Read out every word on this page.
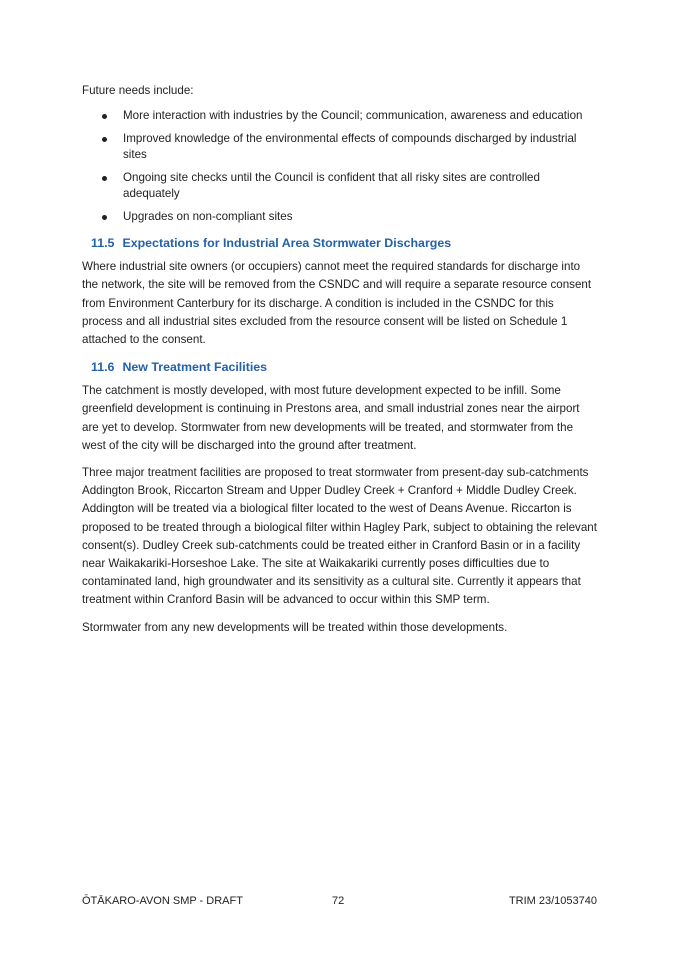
Future needs include:

More interaction with industries by the Council; communication, awareness and education
Improved knowledge of the environmental effects of compounds discharged by industrial sites
Ongoing site checks until the Council is confident that all risky sites are controlled adequately
Upgrades on non-compliant sites
11.5 Expectations for Industrial Area Stormwater Discharges

Where industrial site owners (or occupiers) cannot meet the required standards for discharge into the network, the site will be removed from the CSNDC and will require a separate resource consent from Environment Canterbury for its discharge. A condition is included in the CSNDC for this process and all industrial sites excluded from the resource consent will be listed on Schedule 1 attached to the consent.

11.6 New Treatment Facilities

The catchment is mostly developed, with most future development expected to be infill. Some greenfield development is continuing in Prestons area, and small industrial zones near the airport are yet to develop. Stormwater from new developments will be treated, and stormwater from the west of the city will be discharged into the ground after treatment.

Three major treatment facilities are proposed to treat stormwater from present-day sub-catchments Addington Brook, Riccarton Stream and Upper Dudley Creek + Cranford + Middle Dudley Creek. Addington will be treated via a biological filter located to the west of Deans Avenue. Riccarton is proposed to be treated through a biological filter within Hagley Park, subject to obtaining the relevant consent(s). Dudley Creek sub-catchments could be treated either in Cranford Basin or in a facility near Waikakariki-Horseshoe Lake. The site at Waikakariki currently poses difficulties due to contaminated land, high groundwater and its sensitivity as a cultural site. Currently it appears that treatment within Cranford Basin will be advanced to occur within this SMP term.

Stormwater from any new developments will be treated within those developments.

ŌTĀKARO-AVON SMP - DRAFT	72	TRIM 23/1053740
